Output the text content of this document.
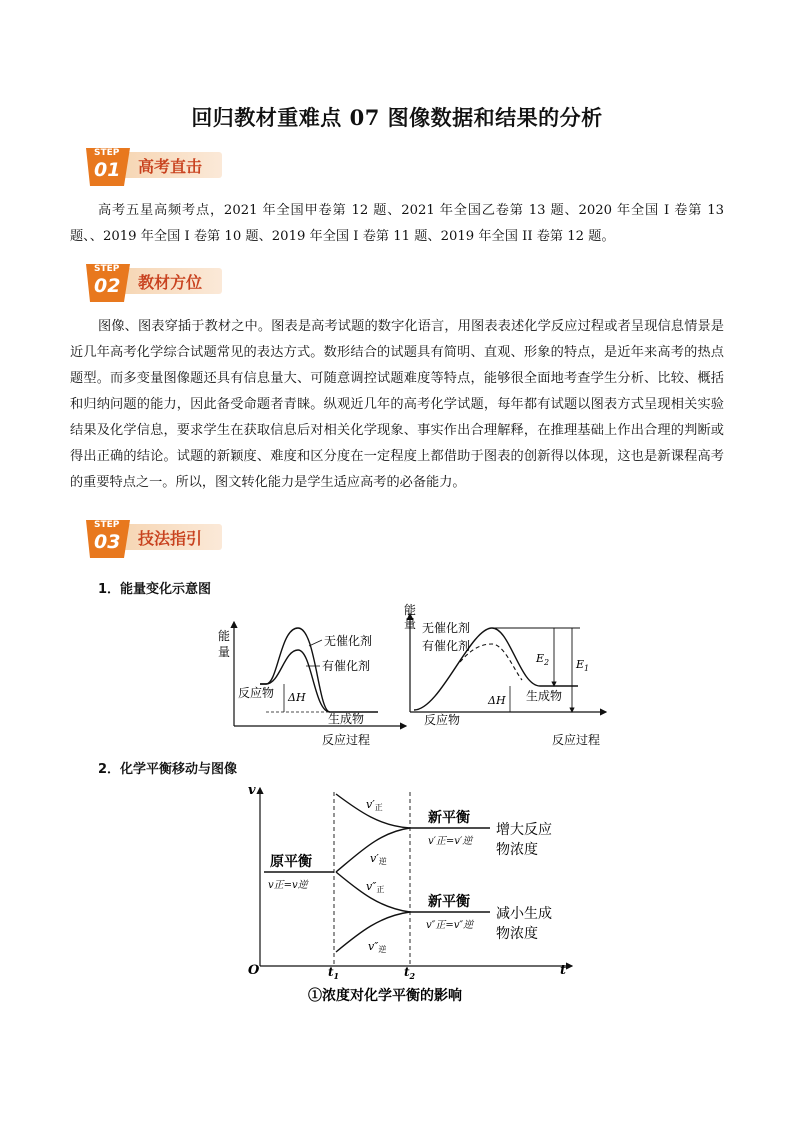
回归教材重难点 07 图像数据和结果的分析
STEP
01 高考直击
高考五星高频考点，2021 年全国甲卷第 12 题、2021 年全国乙卷第 13 题、2020 年全国 I 卷第 13 题、、2019 年全国 I 卷第 10 题、2019 年全国 I 卷第 11 题、2019 年全国 II 卷第 12 题。
STEP
02 教材方位
图像、图表穿插于教材之中。图表是高考试题的数字化语言，用图表表述化学反应过程或者呈现信息情景是近几年高考化学综合试题常见的表达方式。数形结合的试题具有简明、直观、形象的特点，是近年来高考的热点题型。而多变量图像题还具有信息量大、可随意调控试题难度等特点，能够很全面地考查学生分析、比较、概括和归纳问题的能力，因此备受命题者青睐。纵观近几年的高考化学试题，每年都有试题以图表方式呈现相关实验结果及化学信息，要求学生在获取信息后对相关化学现象、事实作出合理解释，在推理基础上作出合理的判断或得出正确的结论。试题的新颖度、难度和区分度在一定程度上都借助于图表的创新得以体现，这也是新课程高考的重要特点之一。所以，图文转化能力是学生适应高考的必备能力。
STEP
03 技法指引
1．能量变化示意图
能
量
无催化剂
有催化剂
反应物 ΔH
生成物
反应过程
能
量 无催化剂
有催化剂
$E_2$ $E_1$
ΔH 生成物
反应物
反应过程
2．化学平衡移动与图像
v
O	t
$t_1$	$t_2$
v′正
v′逆
v″正
v″逆
原平衡
v正=v逆
新平衡
v′正=v′逆
新平衡
v″正=v″逆
增大反应
物浓度
减小生成
物浓度
①浓度对化学平衡的影响
